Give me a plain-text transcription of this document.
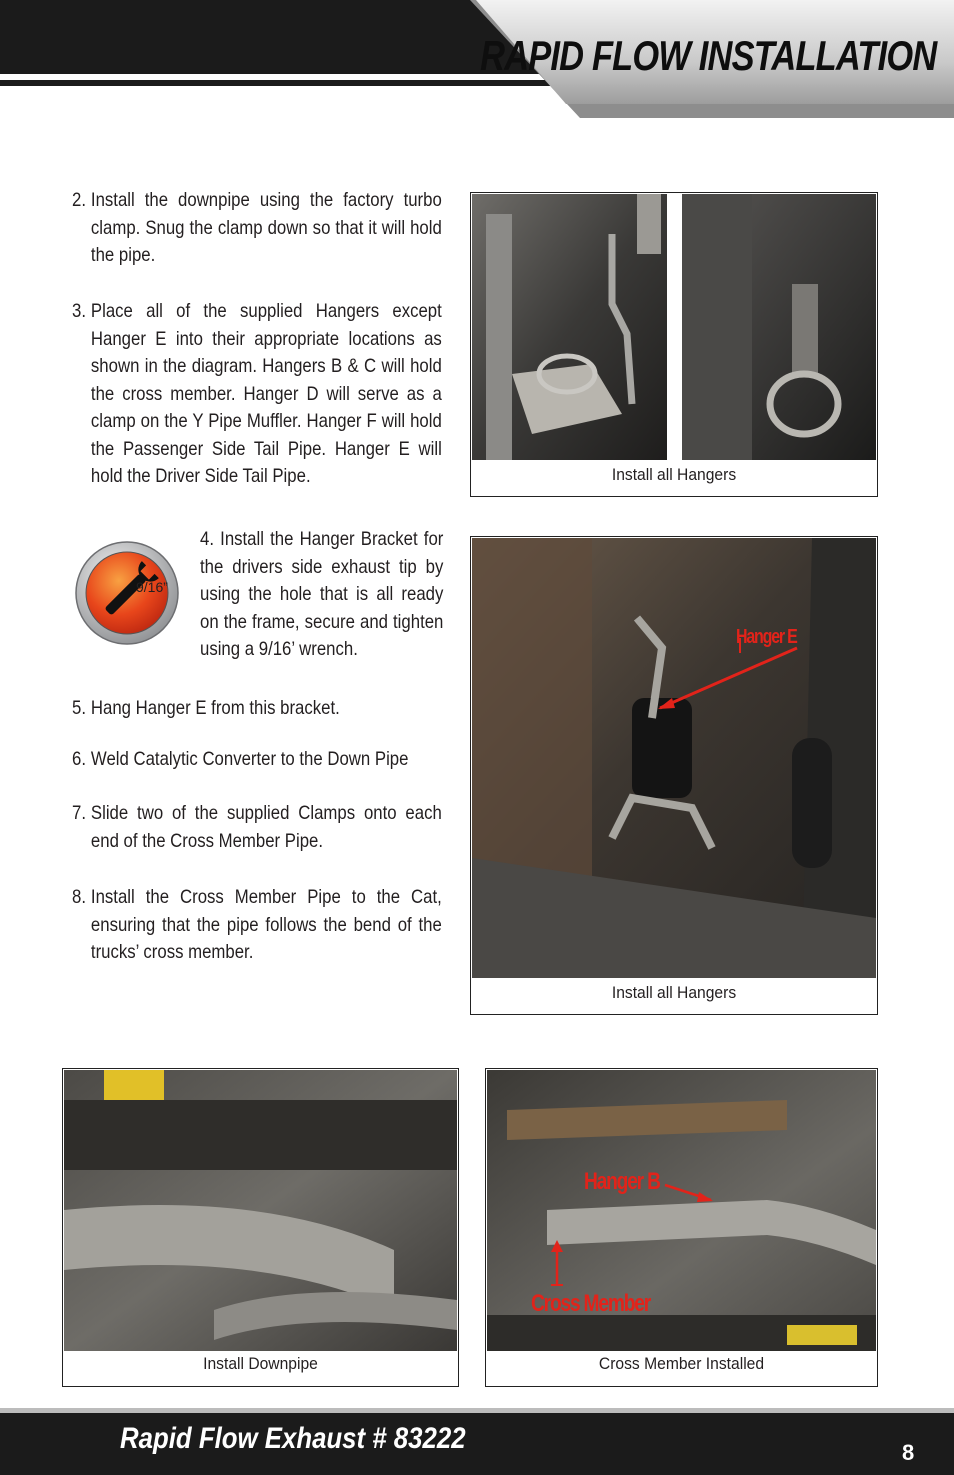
RAPID FLOW INSTALLATION
2. Install the downpipe using the factory turbo clamp. Snug the clamp down so that it will hold the pipe.
3. Place all of the supplied Hangers except Hanger E into their appropriate locations as shown in the diagram. Hangers B & C will hold the cross member. Hanger D will serve as a clamp on the Y Pipe Muffler. Hanger F will hold the Passenger Side Tail Pipe. Hanger E will hold the Driver Side Tail Pipe.
9/16”
4. Install the Hanger Bracket for the drivers side exhaust tip by using the hole that is all ready on the frame, secure and tighten using a 9/16’ wrench.
5. Hang Hanger E from this bracket.
6. Weld Catalytic Converter to the Down Pipe
7. Slide two of the supplied Clamps onto each end of the Cross Member Pipe.
8. Install the Cross Member Pipe to the Cat, ensuring that the pipe follows the bend of the trucks’ cross member.
Install all Hangers
Hanger E
Install all Hangers
Install Downpipe
Hanger B
Cross Member
Cross Member Installed
Rapid Flow Exhaust # 83222	8
